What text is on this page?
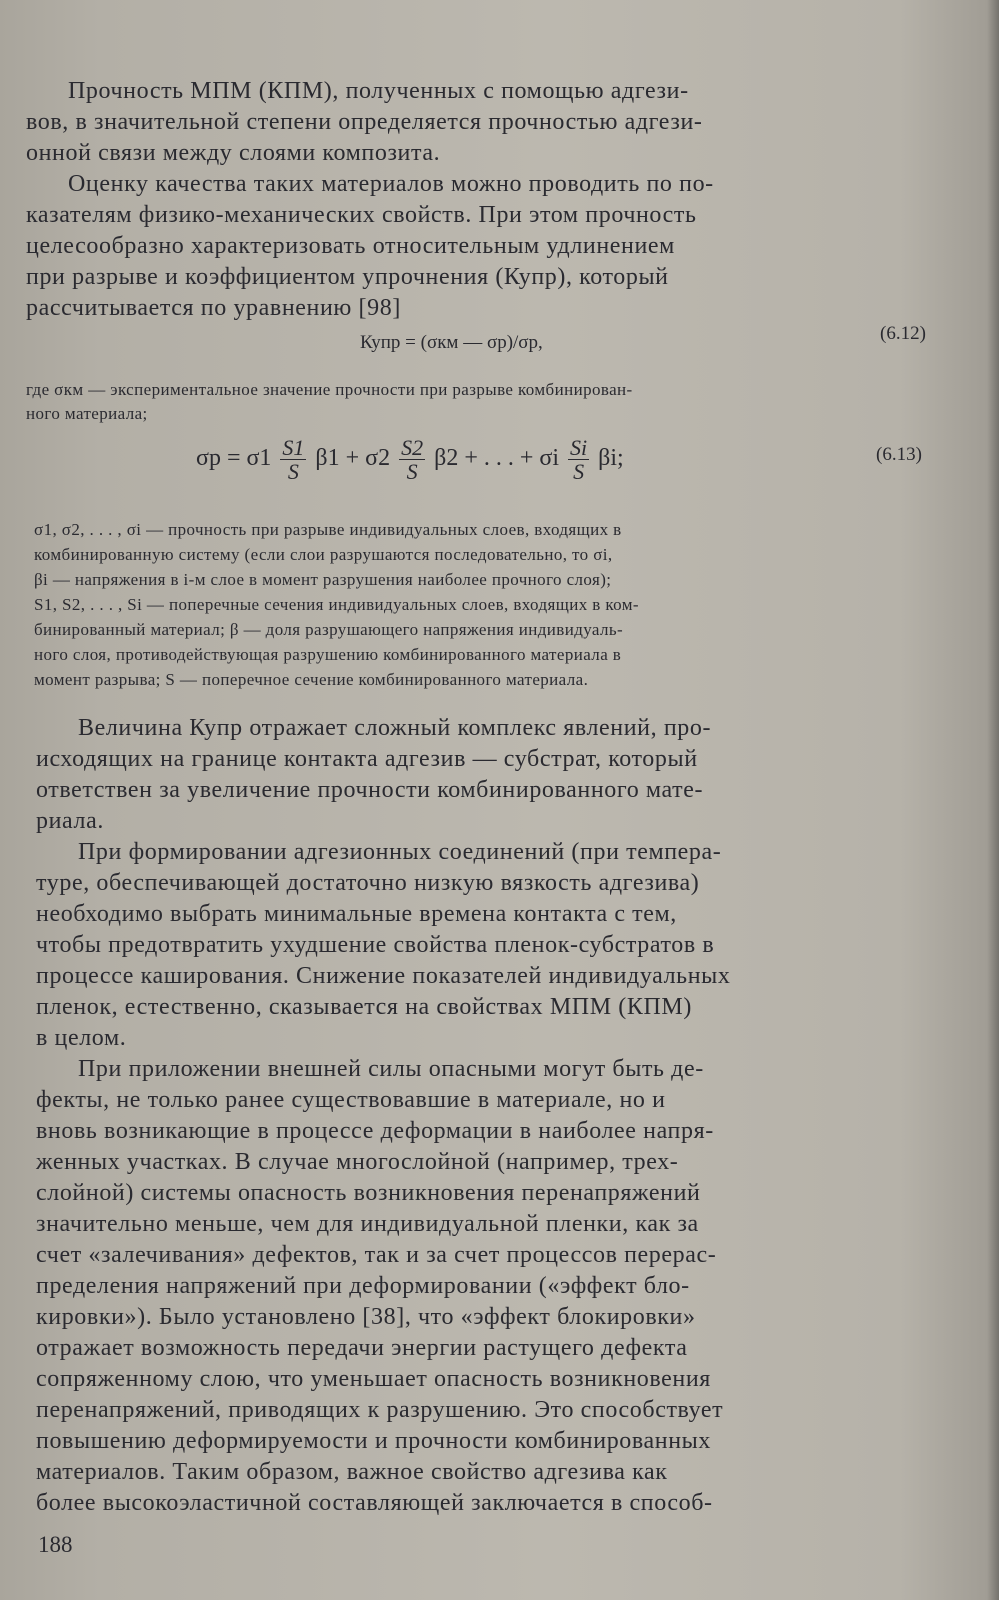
Прочность МПМ (КПМ), полученных с помощью адгези-
вов, в значительной степени определяется прочностью адгези-
онной связи между слоями композита.
Оценку качества таких материалов можно проводить по по-
казателям физико-механических свойств. При этом прочность
целесообразно характеризовать относительным удлинением
при разрыве и коэффициентом упрочнения (Купр), который
рассчитывается по уравнению [98]
Купр = (σкм — σр)/σр,	(6.12)
где σкм — экспериментальное значение прочности при разрыве комбинирован-
ного материала;
$\sigma р = \sigma 1 \frac{S1}{S} \beta 1 + \sigma 2 \frac{S2}{S} \beta 2$ + . . . + σi $\frac{Si}{S} \beta i$;	(6.13)
σ1, σ2, . . . , σi — прочность при разрыве индивидуальных слоев, входящих в
комбинированную систему (если слои разрушаются последовательно, то σi,
βi — напряжения в i-м слое в момент разрушения наиболее прочного слоя);
S1, S2, . . . , Si — поперечные сечения индивидуальных слоев, входящих в ком-
бинированный материал; β — доля разрушающего напряжения индивидуаль-
ного слоя, противодействующая разрушению комбинированного материала в
момент разрыва; S — поперечное сечение комбинированного материала.
Величина Купр отражает сложный комплекс явлений, про-
исходящих на границе контакта адгезив — субстрат, который
ответствен за увеличение прочности комбинированного мате-
риала.
При формировании адгезионных соединений (при темпера-
туре, обеспечивающей достаточно низкую вязкость адгезива)
необходимо выбрать минимальные времена контакта с тем,
чтобы предотвратить ухудшение свойства пленок-субстратов в
процессе каширования. Снижение показателей индивидуальных
пленок, естественно, сказывается на свойствах МПМ (КПМ)
в целом.
При приложении внешней силы опасными могут быть де-
фекты, не только ранее существовавшие в материале, но и
вновь возникающие в процессе деформации в наиболее напря-
женных участках. В случае многослойной (например, трех-
слойной) системы опасность возникновения перенапряжений
значительно меньше, чем для индивидуальной пленки, как за
счет «залечивания» дефектов, так и за счет процессов перерас-
пределения напряжений при деформировании («эффект бло-
кировки»). Было установлено [38], что «эффект блокировки»
отражает возможность передачи энергии растущего дефекта
сопряженному слою, что уменьшает опасность возникновения
перенапряжений, приводящих к разрушению. Это способствует
повышению деформируемости и прочности комбинированных
материалов. Таким образом, важное свойство адгезива как
более высокоэластичной составляющей заключается в способ-
188
